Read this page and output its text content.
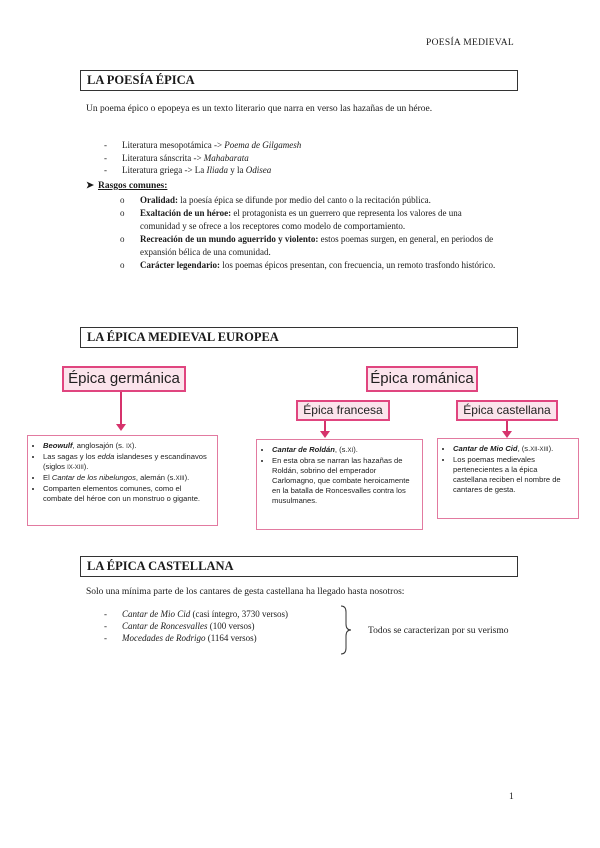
POESÍA MEDIEVAL
LA POESÍA ÉPICA
Un poema épico o epopeya es un texto literario que narra en verso las hazañas de un héroe.
- Literatura mesopotámica -> Poema de Gilgamesh
- Literatura sánscrita -> Mahabarata
- Literatura griega -> La Iliada y la Odisea
➤ Rasgos comunes:
o Oralidad: la poesía épica se difunde por medio del canto o la recitación pública.
o Exaltación de un héroe: el protagonista es un guerrero que representa los valores de una comunidad y se ofrece a los receptores como modelo de comportamiento.
o Recreación de un mundo aguerrido y violento: estos poemas surgen, en general, en periodos de expansión bélica de una comunidad.
o Carácter legendario: los poemas épicos presentan, con frecuencia, un remoto trasfondo histórico.
LA ÉPICA MEDIEVAL EUROPEA
Épica germánica
• Beowulf, anglosajón (s. IX).
• Las sagas y los edda islandeses y escandinavos (siglos IX-XIII).
• El Cantar de los nibelungos, alemán (s.XIII).
• Comparten elementos comunes, como el combate del héroe con un monstruo o gigante.
Épica románica
Épica francesa
• Cantar de Roldán, (s.XI).
• En esta obra se narran las hazañas de Roldán, sobrino del emperador Carlomagno, que combate heroicamente en la batalla de Roncesvalles contra los musulmanes.
Épica castellana
• Cantar de Mio Cid, (s.XII-XIII).
• Los poemas medievales pertenecientes a la épica castellana reciben el nombre de cantares de gesta.
LA ÉPICA CASTELLANA
Solo una mínima parte de los cantares de gesta castellana ha llegado hasta nosotros:
- Cantar de Mio Cid (casi íntegro, 3730 versos)
- Cantar de Roncesvalles (100 versos)
- Mocedades de Rodrigo (1164 versos)
Todos se caracterizan por su verismo
1
